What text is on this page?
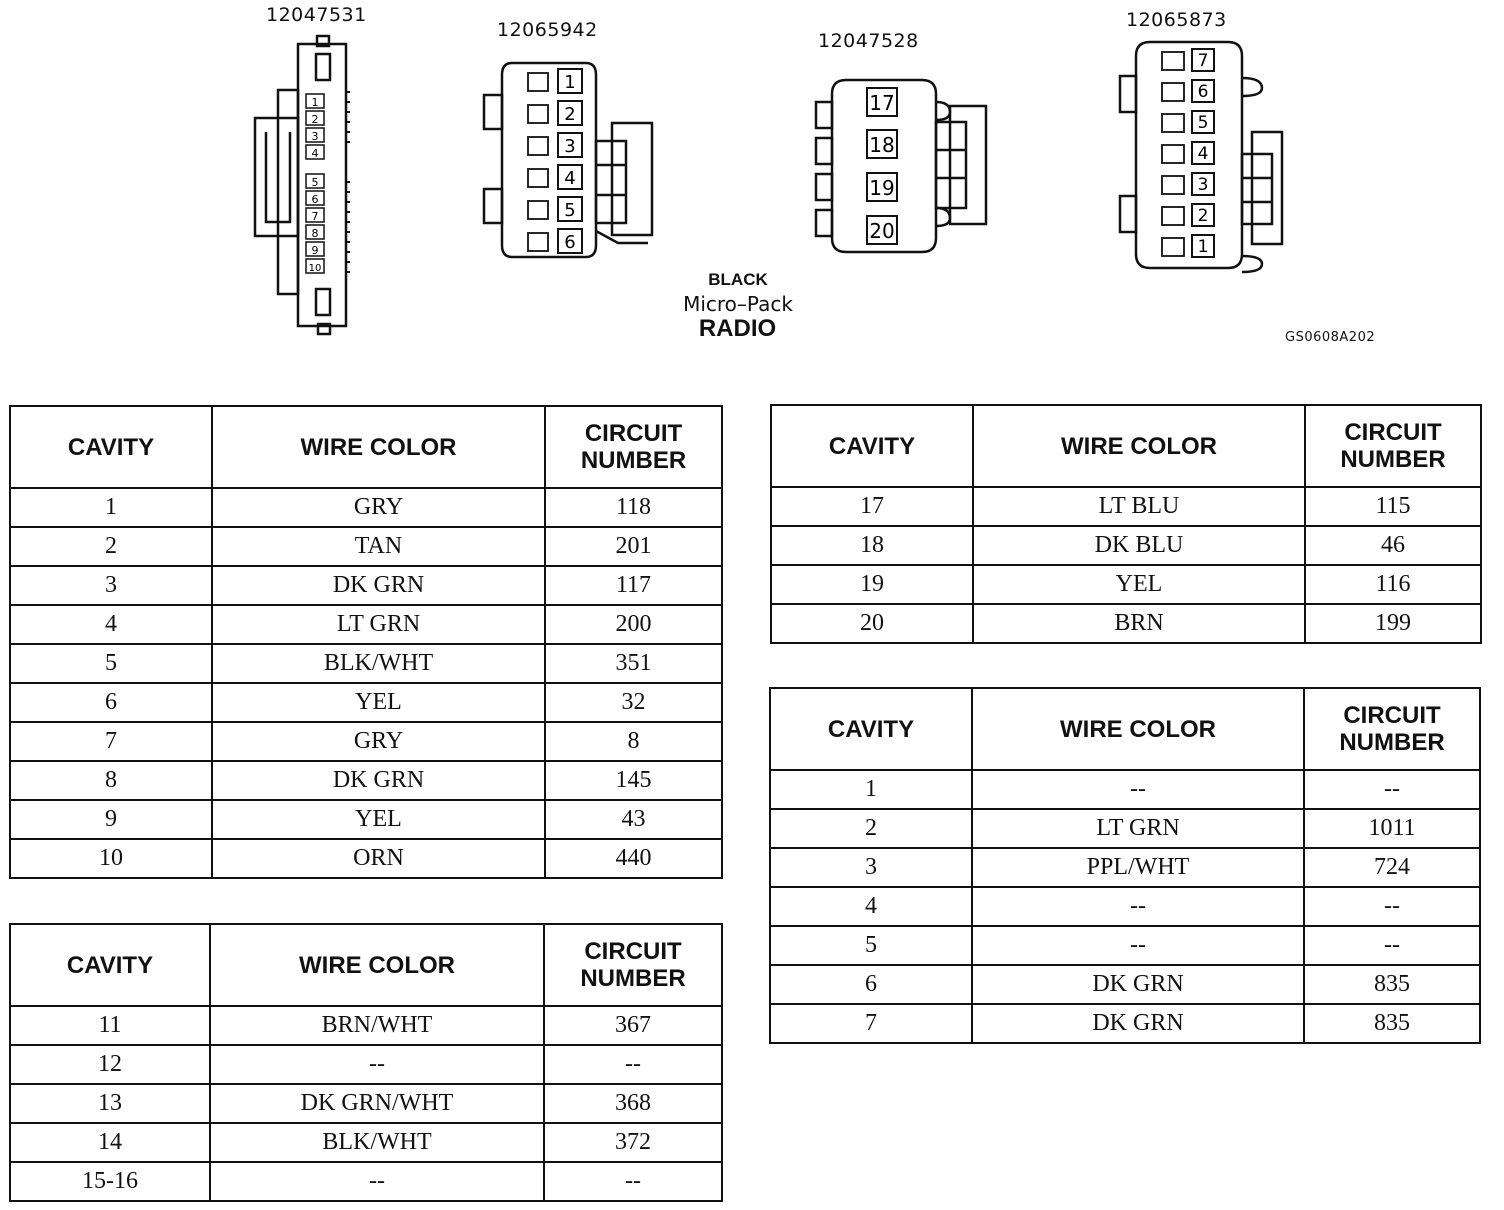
12047531
12065942	12047528
12065873
1
2
3
4
5
6
7
8
9
10
1
2
3
4
5
6
17
18
19
20
7
6
5
4
3
2
1
BLACK
Micro–Pack
RADIO	GS0608A202
CAVITY	WIRE COLOR	CIRCUIT
NUMBER
1	GRY	118
2	TAN	201
3	DK GRN	117
4	LT GRN	200
5	BLK/WHT	351
6	YEL	32
7	GRY	8
8	DK GRN	145
9	YEL	43
10	ORN	440
CAVITY	WIRE COLOR	CIRCUIT
NUMBER
11	BRN/WHT	367
12	--	--
13	DK GRN/WHT	368
14	BLK/WHT	372
15-16	--	--
CAVITY	WIRE COLOR	CIRCUIT
NUMBER
17	LT BLU	115
18	DK BLU	46
19	YEL	116
20	BRN	199
CAVITY	WIRE COLOR	CIRCUIT
NUMBER
1	--	--
2	LT GRN	1011
3	PPL/WHT	724
4	--	--
5	--	--
6	DK GRN	835
7	DK GRN	835
